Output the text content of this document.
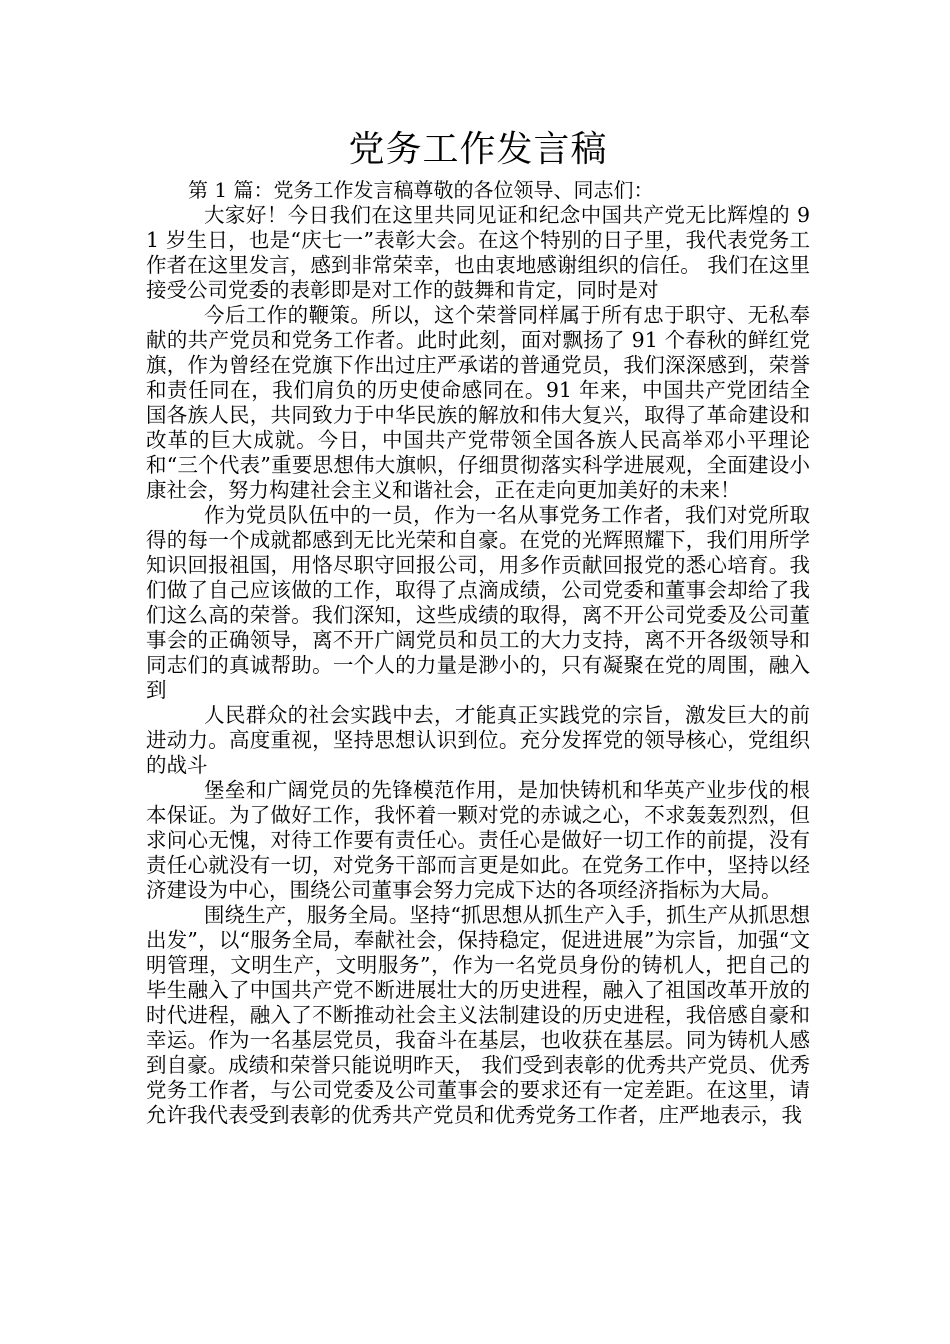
党务工作发言稿

第 1 篇：党务工作发言稿尊敬的各位领导、同志们：

大家好！今日我们在这里共同见证和纪念中国共产党无比辉煌的 91 岁生日，也是“庆七一”表彰大会。在这个特别的日子里，我代表党务工作者在这里发言，感到非常荣幸，也由衷地感谢组织的信任。 我们在这里接受公司党委的表彰即是对工作的鼓舞和肯定，同时是对

今后工作的鞭策。所以，这个荣誉同样属于所有忠于职守、无私奉献的共产党员和党务工作者。此时此刻，面对飘扬了 91 个春秋的鲜红党旗，作为曾经在党旗下作出过庄严承诺的普通党员，我们深深感到，荣誉和责任同在，我们肩负的历史使命感同在。91 年来，中国共产党团结全国各族人民，共同致力于中华民族的解放和伟大复兴，取得了革命建设和改革的巨大成就。今日，中国共产党带领全国各族人民高举邓小平理论和“三个代表”重要思想伟大旗帜，仔细贯彻落实科学进展观，全面建设小康社会，努力构建社会主义和谐社会，正在走向更加美好的未来！

作为党员队伍中的一员，作为一名从事党务工作者，我们对党所取得的每一个成就都感到无比光荣和自豪。在党的光辉照耀下，我们用所学知识回报祖国，用恪尽职守回报公司，用多作贡献回报党的悉心培育。我们做了自己应该做的工作，取得了点滴成绩，公司党委和董事会却给了我们这么高的荣誉。我们深知，这些成绩的取得，离不开公司党委及公司董事会的正确领导，离不开广阔党员和员工的大力支持，离不开各级领导和同志们的真诚帮助。一个人的力量是渺小的，只有凝聚在党的周围，融入到

人民群众的社会实践中去，才能真正实践党的宗旨，激发巨大的前进动力。高度重视，坚持思想认识到位。充分发挥党的领导核心，党组织的战斗

堡垒和广阔党员的先锋模范作用，是加快铸机和华英产业步伐的根本保证。为了做好工作，我怀着一颗对党的赤诚之心，不求轰轰烈烈，但求问心无愧，对待工作要有责任心。责任心是做好一切工作的前提，没有责任心就没有一切，对党务干部而言更是如此。在党务工作中，坚持以经济建设为中心，围绕公司董事会努力完成下达的各项经济指标为大局。

围绕生产，服务全局。坚持“抓思想从抓生产入手，抓生产从抓思想出发”，以“服务全局，奉献社会，保持稳定，促进进展”为宗旨，加强“文明管理，文明生产，文明服务”，作为一名党员身份的铸机人，把自己的毕生融入了中国共产党不断进展壮大的历史进程，融入了祖国改革开放的时代进程，融入了不断推动社会主义法制建设的历史进程，我倍感自豪和幸运。作为一名基层党员，我奋斗在基层，也收获在基层。同为铸机人感到自豪。成绩和荣誉只能说明昨天， 我们受到表彰的优秀共产党员、优秀党务工作者，与公司党委及公司董事会的要求还有一定差距。在这里，请允许我代表受到表彰的优秀共产党员和优秀党务工作者，庄严地表示，我
